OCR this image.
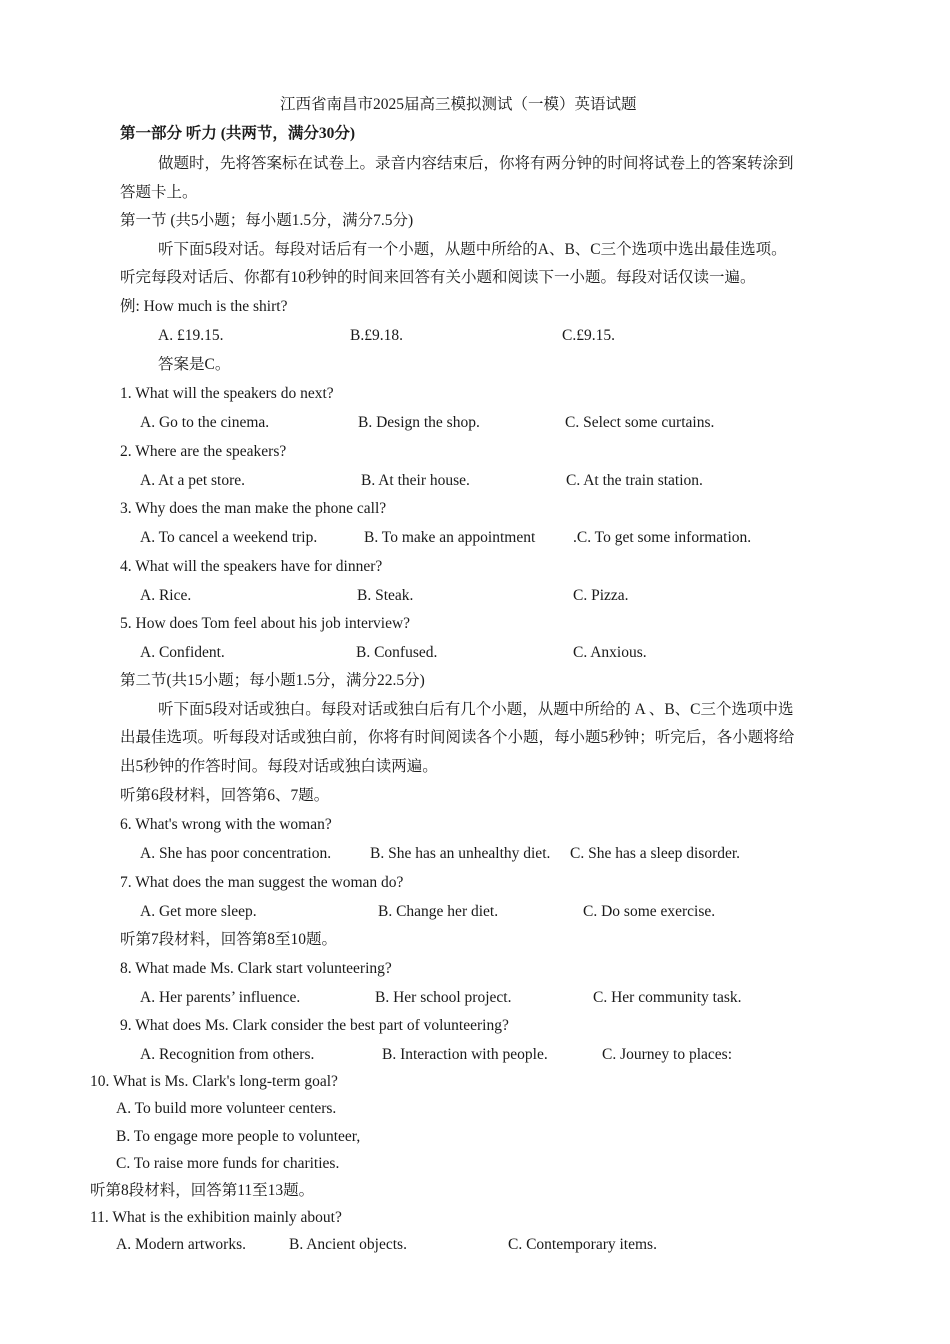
江西省南昌市2025届高三模拟测试（一模）英语试题
第一部分 听力 (共两节，满分30分)
做题时，先将答案标在试卷上。录音内容结束后，你将有两分钟的时间将试卷上的答案转涂到
答题卡上。
第一节 (共5小题；每小题1.5分，满分7.5分)
听下面5段对话。每段对话后有一个小题，从题中所给的A、B、C三个选项中选出最佳选项。
听完每段对话后、你都有10秒钟的时间来回答有关小题和阅读下一小题。每段对话仅读一遍。
例: How much is the shirt?
A. £19.15.	B.£9.18.	C.£9.15.
答案是C。
1. What will the speakers do next?
A. Go to the cinema.	B. Design the shop.	C. Select some curtains.
2. Where are the speakers?
A. At a pet store.	B. At their house.	C. At the train station.
3. Why does the man make the phone call?
A. To cancel a weekend trip.	B. To make an appointment .C. To get some information.
4. What will the speakers have for dinner?
A. Rice.	B. Steak.	C. Pizza.
5. How does Tom feel about his job interview?
A. Confident.	B. Confused.	C. Anxious.
第二节(共15小题；每小题1.5分，满分22.5分)
听下面5段对话或独白。每段对话或独白后有几个小题，从题中所给的 A 、B、C三个选项中选
出最佳选项。听每段对话或独白前，你将有时间阅读各个小题，每小题5秒钟；听完后，各小题将给
出5秒钟的作答时间。每段对话或独白读两遍。
听第6段材料，回答第6、7题。
6. What's wrong with the woman?
A. She has poor concentration.	B. She has an unhealthy diet. C. She has a sleep disorder.
7. What does the man suggest the woman do?
A. Get more sleep.	B. Change her diet.	C. Do some exercise.
听第7段材料，回答第8至10题。
8. What made Ms. Clark start volunteering?
A. Her parents’ influence.	B. Her school project.	C. Her community task.
9. What does Ms. Clark consider the best part of volunteering?
A. Recognition from others.	B. Interaction with people.	C. Journey to places:
10. What is Ms. Clark's long-term goal?
A. To build more volunteer centers.
B. To engage more people to volunteer,
C. To raise more funds for charities.
听第8段材料，回答第11至13题。
11. What is the exhibition mainly about?
A. Modern artworks.	B. Ancient objects.	C. Contemporary items.
